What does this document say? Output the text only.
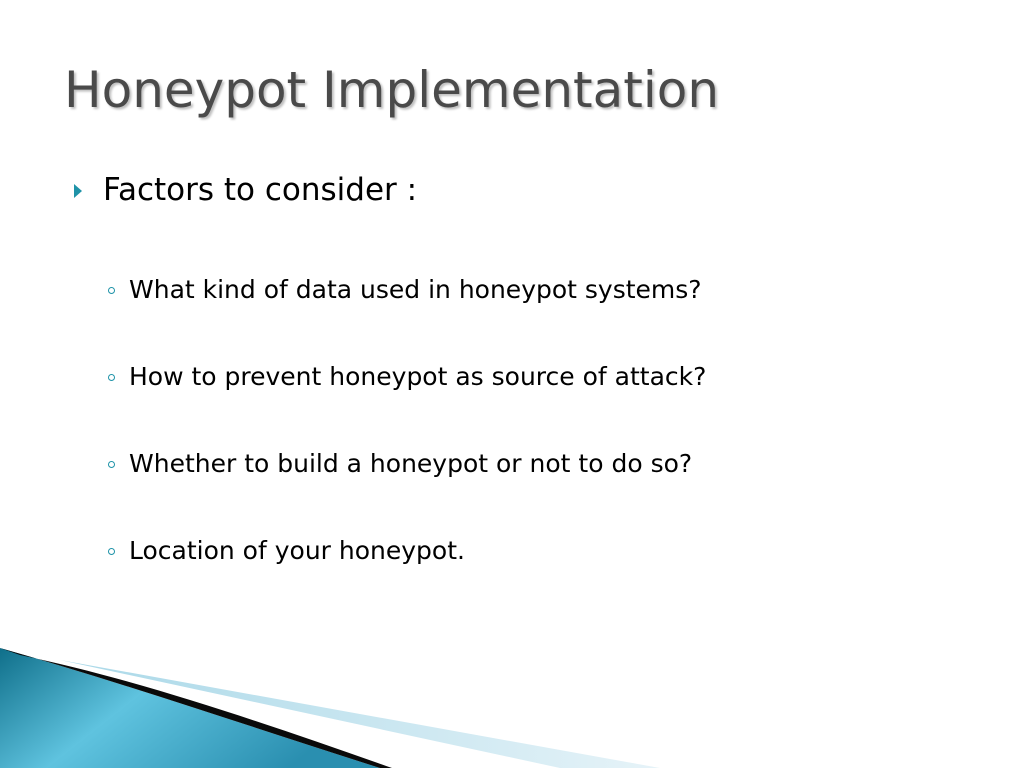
Honeypot Implementation
Factors to consider :
What kind of data used in honeypot systems?
How to prevent honeypot as source of attack?
Whether to build a honeypot or not to do so?
Location of your honeypot.
